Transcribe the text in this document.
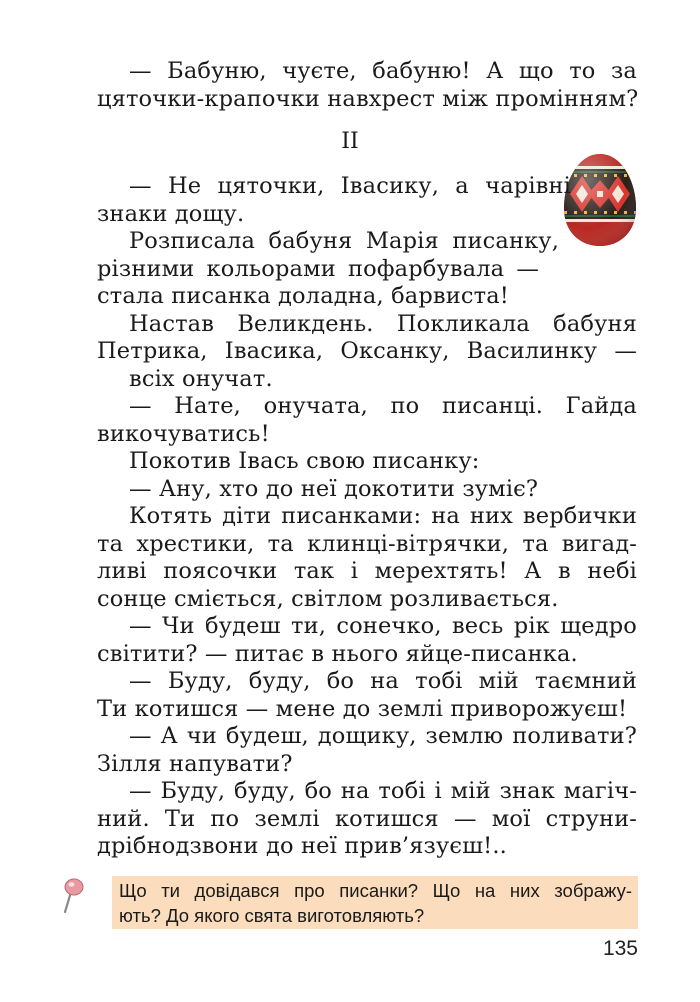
— Бабуню, чуєте, бабуню! А що то за
цяточки-крапочки навхрест між промінням?
II
— Не цяточки, Івасику, а чарівні
знаки дощу.
Розписала бабуня Марія писанку,
різними кольорами пофарбувала —
стала писанка доладна, барвиста!
Настав Великдень. Покликала бабуня
Петрика, Івасика, Оксанку, Василинку —
всіх онучат.
— Нате, онучата, по писанці. Гайда
викочуватись!
Покотив Івась свою писанку:
— Ану, хто до неї докотити зуміє?
Котять діти писанками: на них вербички
та хрестики, та клинці-вітрячки, та вигад-
ливі поясочки так і мерехтять! А в небі
сонце сміється, світлом розливається.
— Чи будеш ти, сонечко, весь рік щедро
світити? — питає в нього яйце-писанка.
— Буду, буду, бо на тобі мій таємний
Ти котишся — мене до землі приворожуєш!
— А чи будеш, дощику, землю поливати?
Зілля напувати?
— Буду, буду, бо на тобі і мій знак магіч-
ний. Ти по землі котишся — мої струни-
дрібнодзвони до неї прив’язуєш!..
Що ти довідався про писанки? Що на них зображу-
ють? До якого свята виготовляють?
135
